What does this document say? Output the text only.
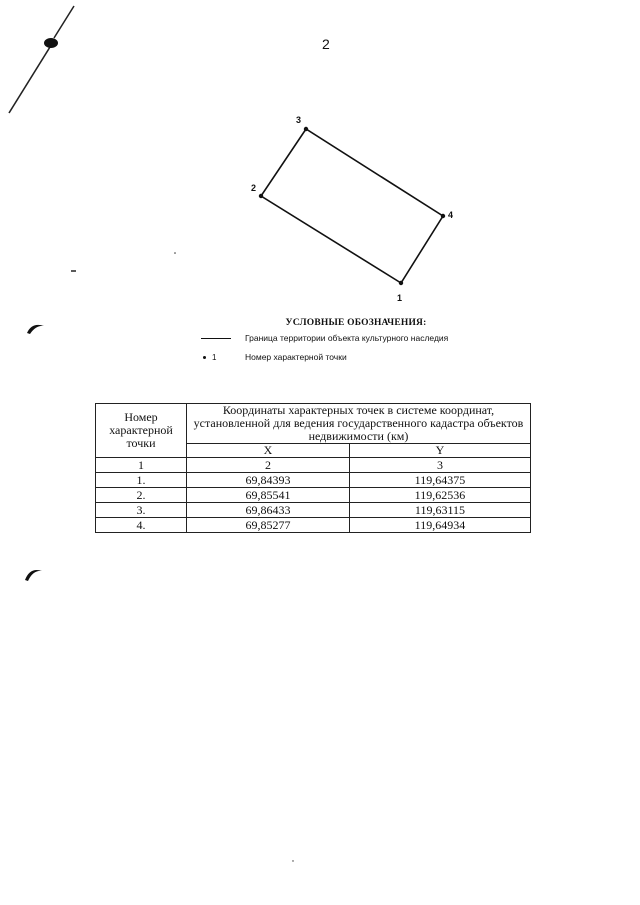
2
1
2
3
4
УСЛОВНЫЕ ОБОЗНАЧЕНИЯ:
Граница территории объекта культурного наследия
1	Номер характерной точки
Номер характерной точки	Координаты характерных точек в системе координат, установленной для ведения государственного кадастра объектов недвижимости (км)	
	X	Y
1	2	3
1.	69,84393	119,64375
2.	69,85541	119,62536
3.	69,86433	119,63115
4.	69,85277	119,64934
